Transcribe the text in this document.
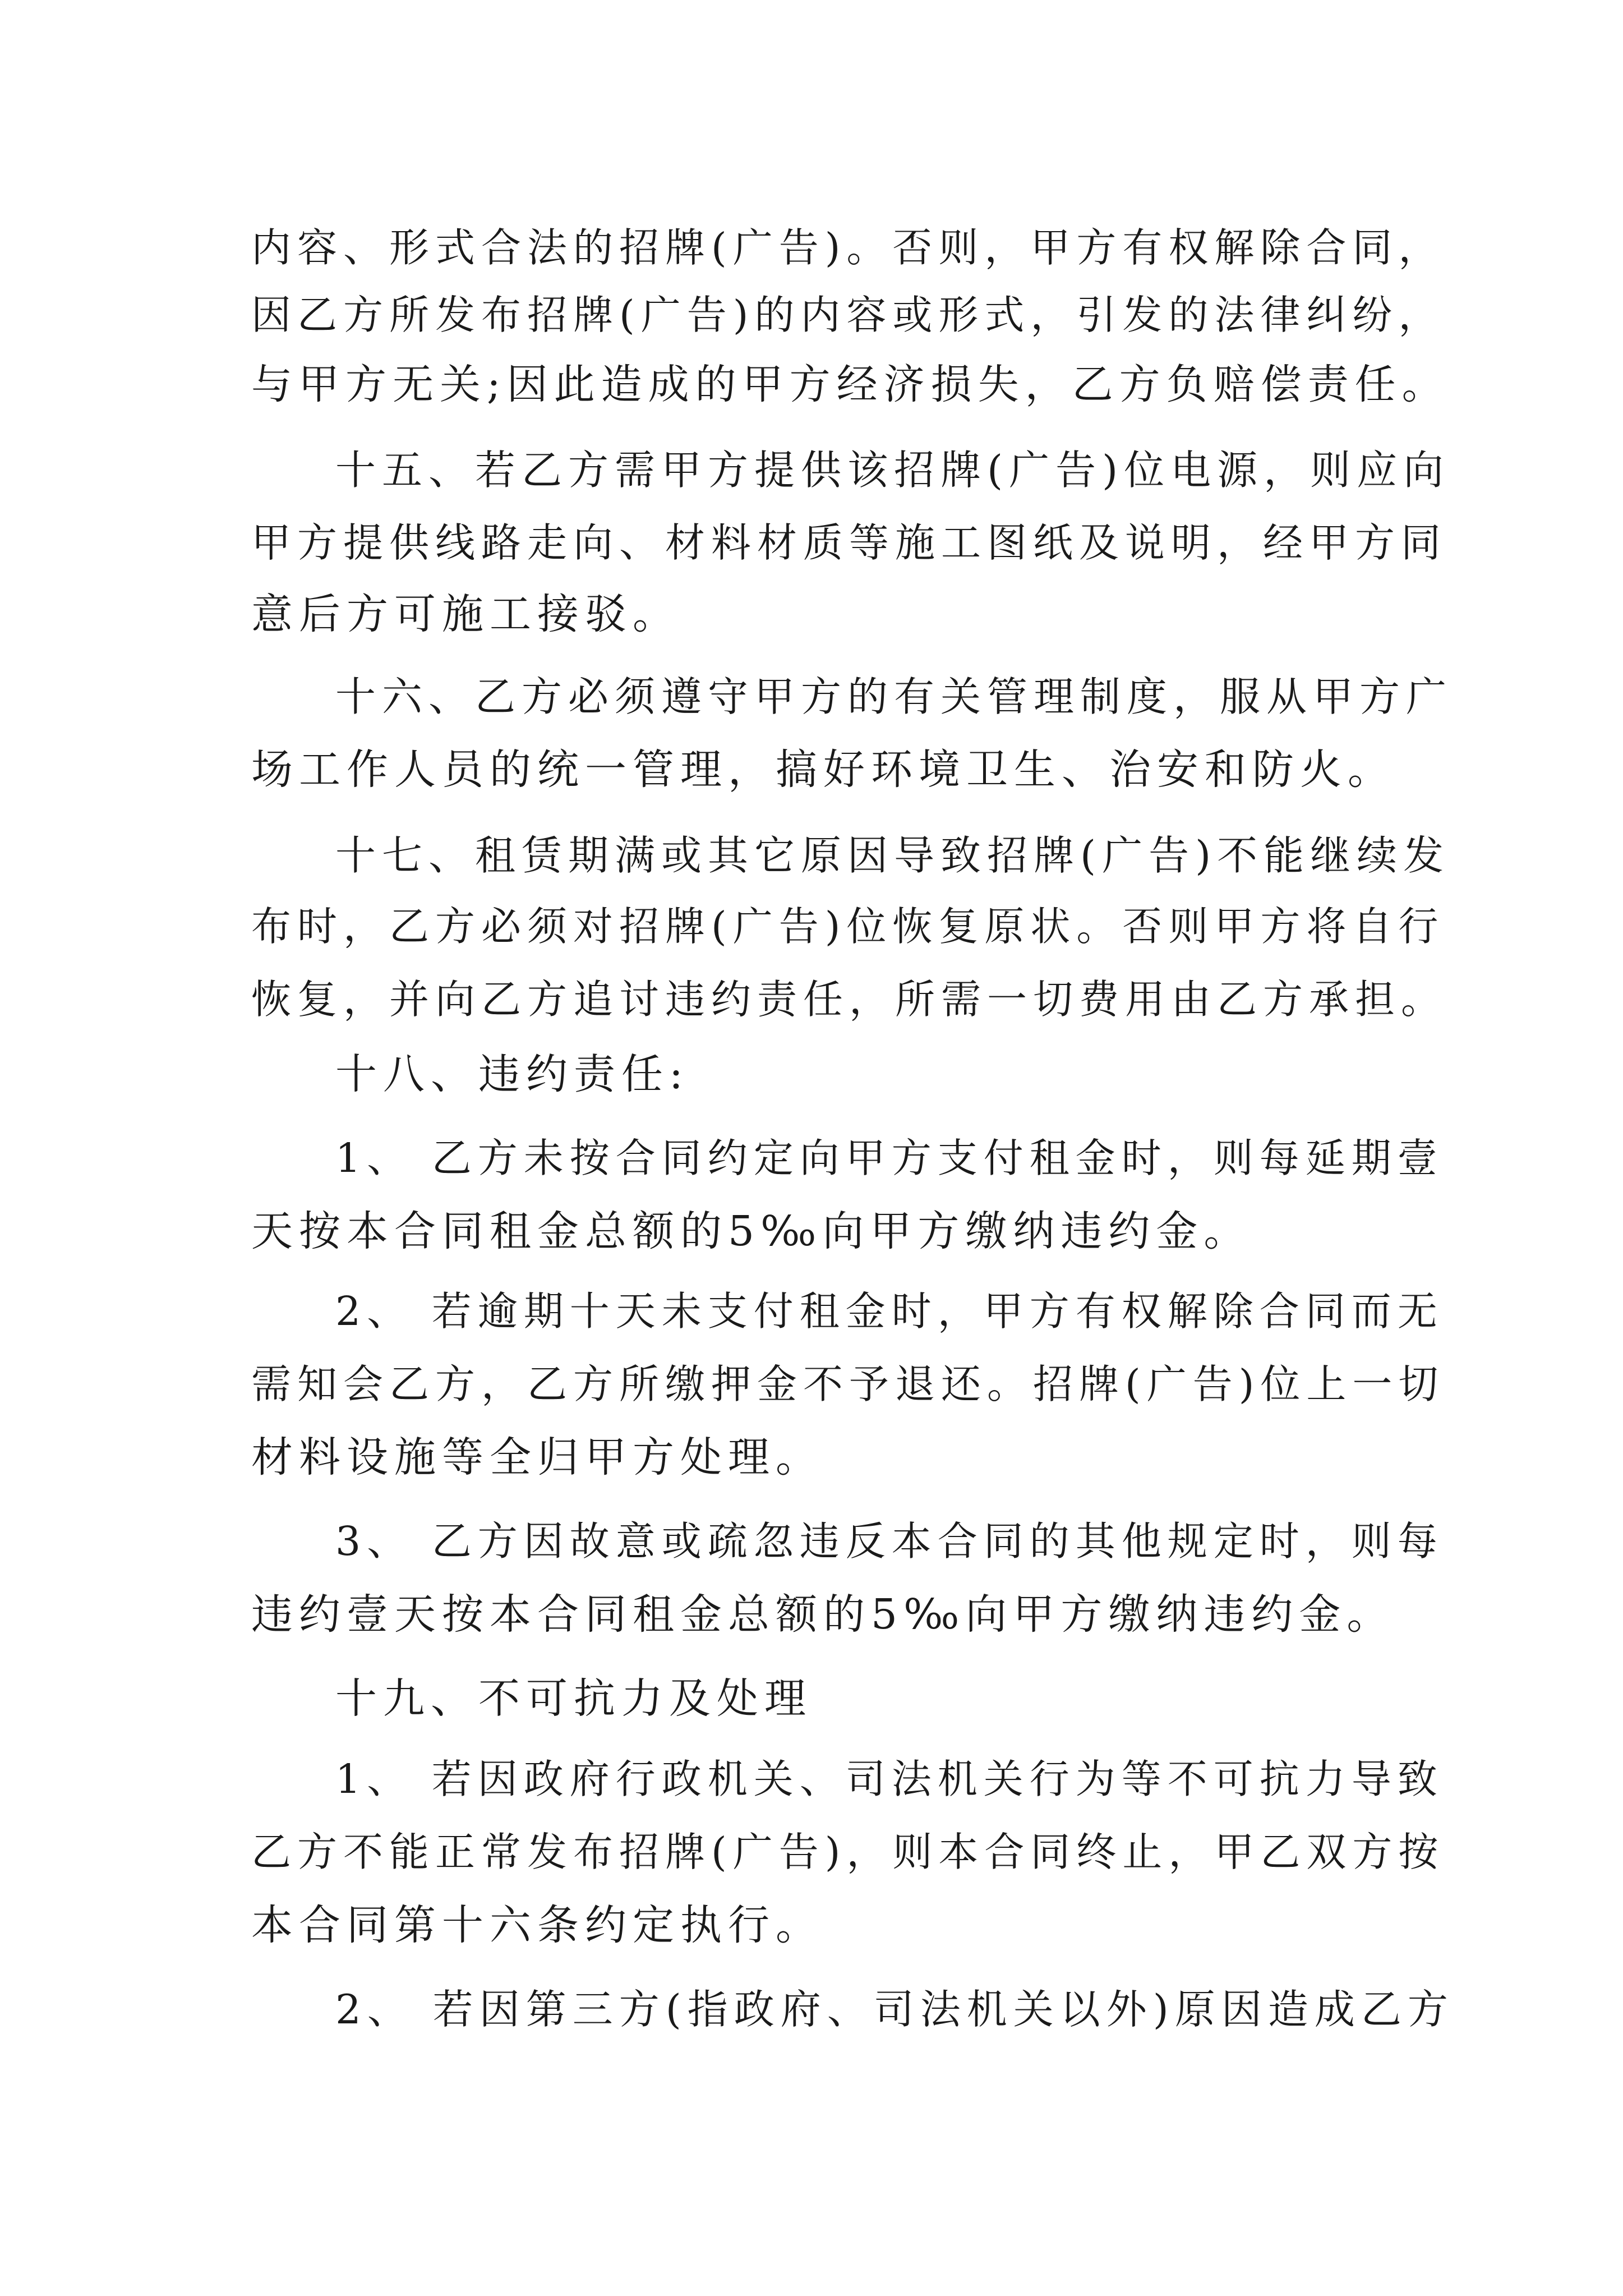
内容、形式合法的招牌(广告)。否则，甲方有权解除合同，
因乙方所发布招牌(广告)的内容或形式，引发的法律纠纷，
与甲方无关;因此造成的甲方经济损失，乙方负赔偿责任。
十五、若乙方需甲方提供该招牌(广告)位电源，则应向
甲方提供线路走向、材料材质等施工图纸及说明，经甲方同
意后方可施工接驳。
十六、乙方必须遵守甲方的有关管理制度，服从甲方广
场工作人员的统一管理，搞好环境卫生、治安和防火。
十七、租赁期满或其它原因导致招牌(广告)不能继续发
布时，乙方必须对招牌(广告)位恢复原状。否则甲方将自行
恢复，并向乙方追讨违约责任，所需一切费用由乙方承担。
十八、违约责任:
1、 乙方未按合同约定向甲方支付租金时，则每延期壹
天按本合同租金总额的5‰向甲方缴纳违约金。
2、 若逾期十天未支付租金时，甲方有权解除合同而无
需知会乙方，乙方所缴押金不予退还。招牌(广告)位上一切
材料设施等全归甲方处理。
3、 乙方因故意或疏忽违反本合同的其他规定时，则每
违约壹天按本合同租金总额的5‰向甲方缴纳违约金。
十九、不可抗力及处理
1、 若因政府行政机关、司法机关行为等不可抗力导致
乙方不能正常发布招牌(广告)，则本合同终止，甲乙双方按
本合同第十六条约定执行。
2、 若因第三方(指政府、司法机关以外)原因造成乙方
